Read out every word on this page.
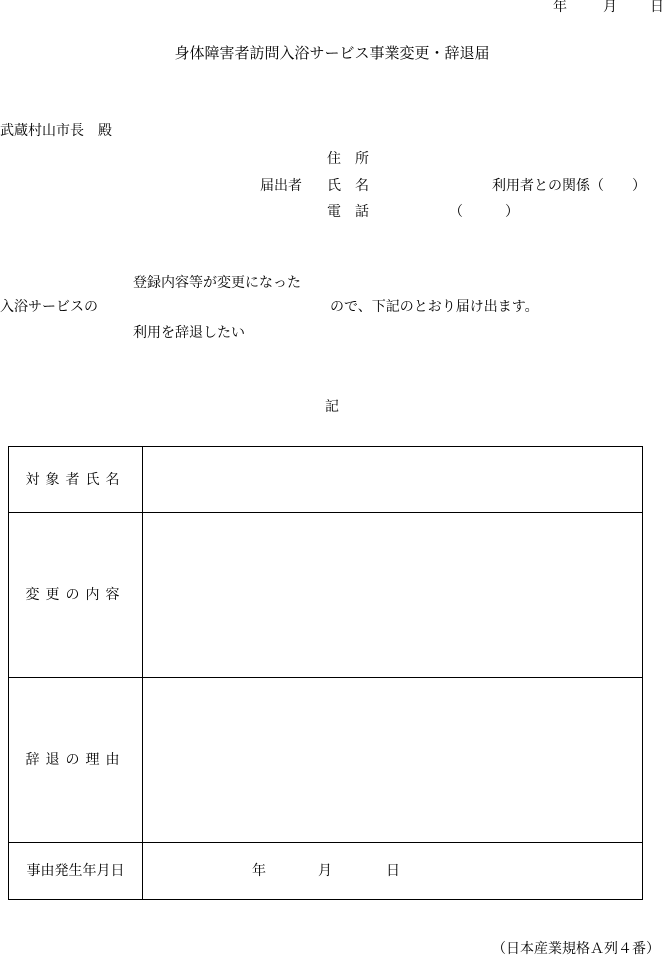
年	月 日
身体障害者訪問入浴サービス事業変更・辞退届
武蔵村山市長　殿
住　所
届出者 氏　名	利用者との関係（　　）
電　話	（　　　）
登録内容等が変更になった
入浴サービスの	ので、下記のとおり届け出ます。
利用を辞退したい
記
対象者氏名	
変更の内容	
辞退の理由	
事由発生年月日	年 月 日
（日本産業規格Ａ列４番）
